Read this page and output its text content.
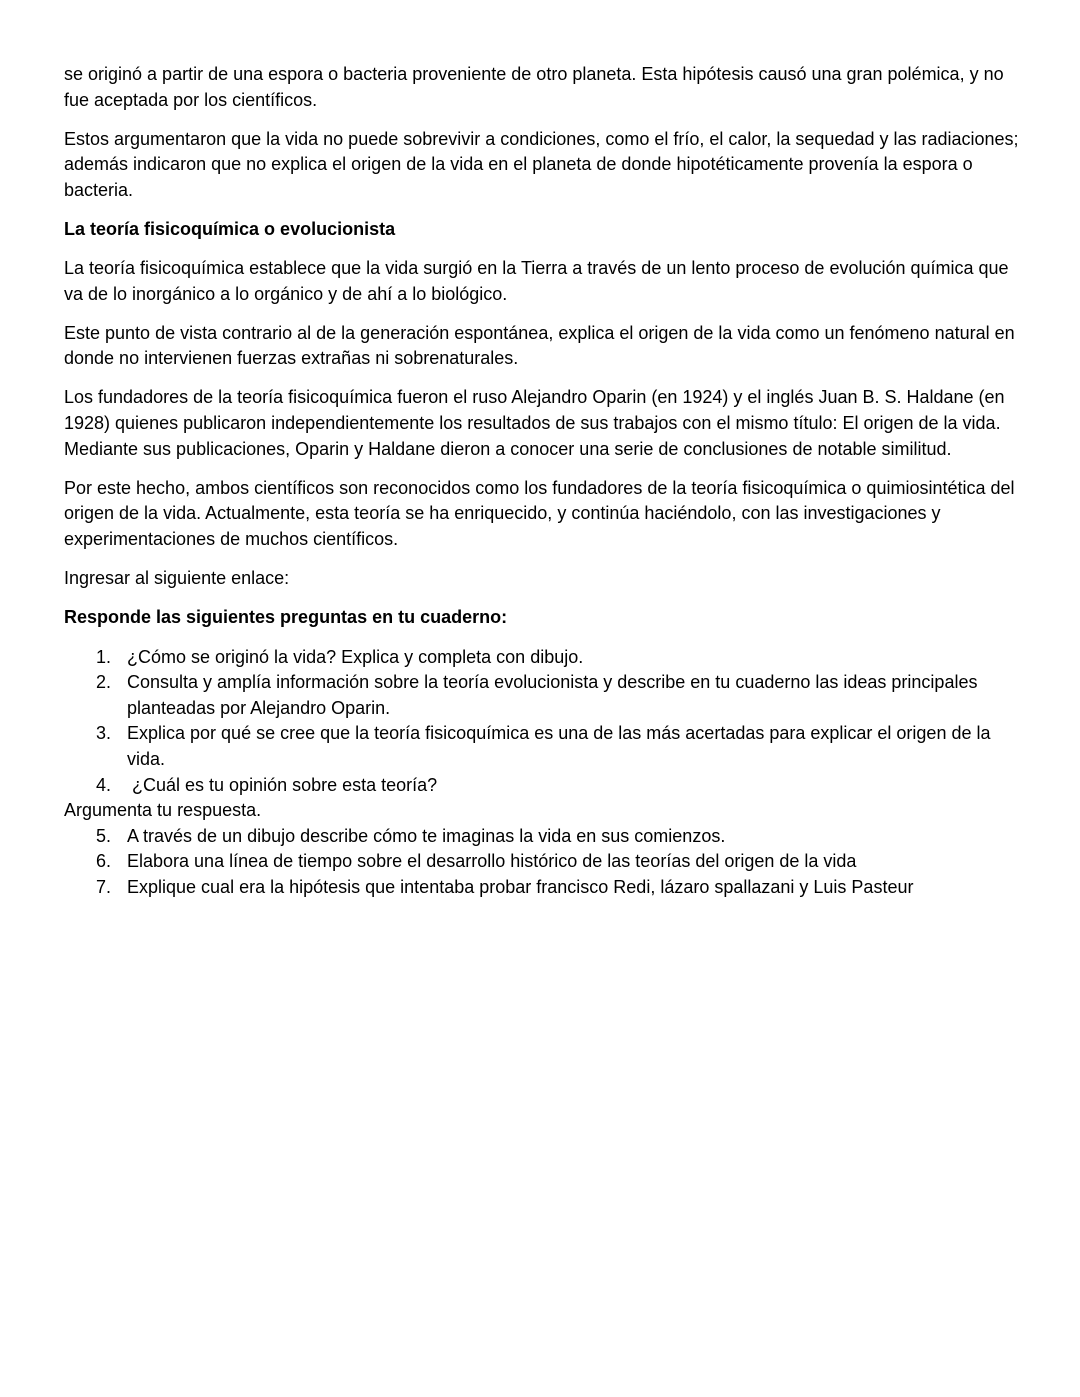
se originó a partir de una espora o bacteria proveniente de otro planeta. Esta hipótesis causó una gran polémica, y no fue aceptada por los científicos.

Estos argumentaron que la vida no puede sobrevivir a condiciones, como el frío, el calor, la sequedad y las radiaciones; además indicaron que no explica el origen de la vida en el planeta de donde hipotéticamente provenía la espora o bacteria.

La teoría fisicoquímica o evolucionista

La teoría fisicoquímica establece que la vida surgió en la Tierra a través de un lento proceso de evolución química que va de lo inorgánico a lo orgánico y de ahí a lo biológico.

Este punto de vista contrario al de la generación espontánea, explica el origen de la vida como un fenómeno natural en donde no intervienen fuerzas extrañas ni sobrenaturales.

Los fundadores de la teoría fisicoquímica fueron el ruso Alejandro Oparin (en 1924) y el inglés Juan B. S. Haldane (en 1928) quienes publicaron independientemente los resultados de sus trabajos con el mismo título: El origen de la vida. Mediante sus publicaciones, Oparin y Haldane dieron a conocer una serie de conclusiones de notable similitud.

Por este hecho, ambos científicos son reconocidos como los fundadores de la teoría fisicoquímica o quimiosintética del origen de la vida. Actualmente, esta teoría se ha enriquecido, y continúa haciéndolo, con las investigaciones y experimentaciones de muchos científicos.

Ingresar al siguiente enlace:

Responde las siguientes preguntas en tu cuaderno:

1. ¿Cómo se originó la vida? Explica y completa con dibujo.
2. Consulta y amplía información sobre la teoría evolucionista y describe en tu cuaderno las ideas principales planteadas por Alejandro Oparin.
3. Explica por qué se cree que la teoría fisicoquímica es una de las más acertadas para explicar el origen de la vida.
4. ¿Cuál es tu opinión sobre esta teoría?
Argumenta tu respuesta.
5. A través de un dibujo describe cómo te imaginas la vida en sus comienzos.
6. Elabora una línea de tiempo sobre el desarrollo histórico de las teorías del origen de la vida
7. Explique cual era la hipótesis que intentaba probar francisco Redi, lázaro spallazani y Luis Pasteur
